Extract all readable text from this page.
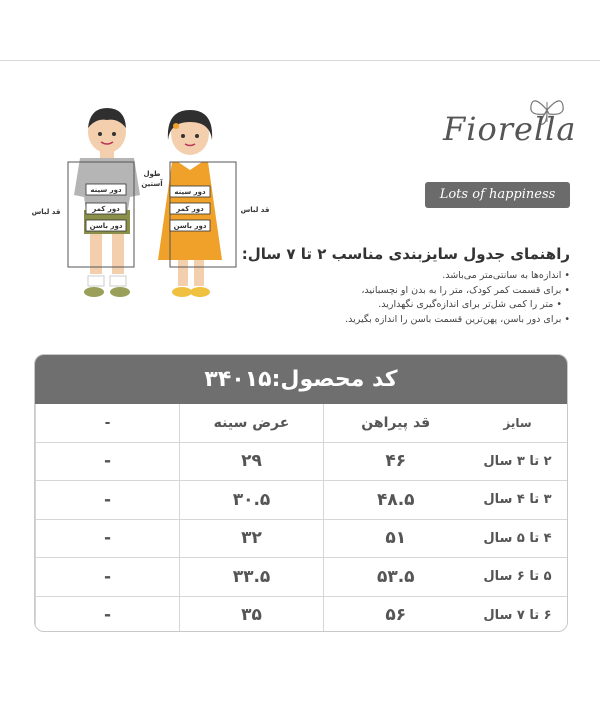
دور سینه
دور کمر
دور باسن
دور سینه
دور کمر
دور باسن
قد لباس	قد لباس
طول
آستین
Fiorella
Lots of happiness
راهنمای جدول سایزبندی مناسب ۲ تا ۷ سال:
• اندازه‌ها به سانتی‌متر می‌باشد.
• برای قسمت کمر کودک، متر را به بدن او نچسبانید،
• متر را کمی شل‌تر برای اندازه‌گیری نگهدارید.
• برای دور باسن، پهن‌ترین قسمت باسن را اندازه بگیرید.
کد محصول:۳۴۰۱۵
-	عرض سینه	قد پیراهن	سایز
-	۲۹	۴۶	۲ تا ۳ سال
-	۳۰.۵	۴۸.۵	۳ تا ۴ سال
-	۳۲	۵۱	۴ تا ۵ سال
-	۳۳.۵	۵۳.۵	۵ تا ۶ سال
-	۳۵	۵۶	۶ تا ۷ سال
